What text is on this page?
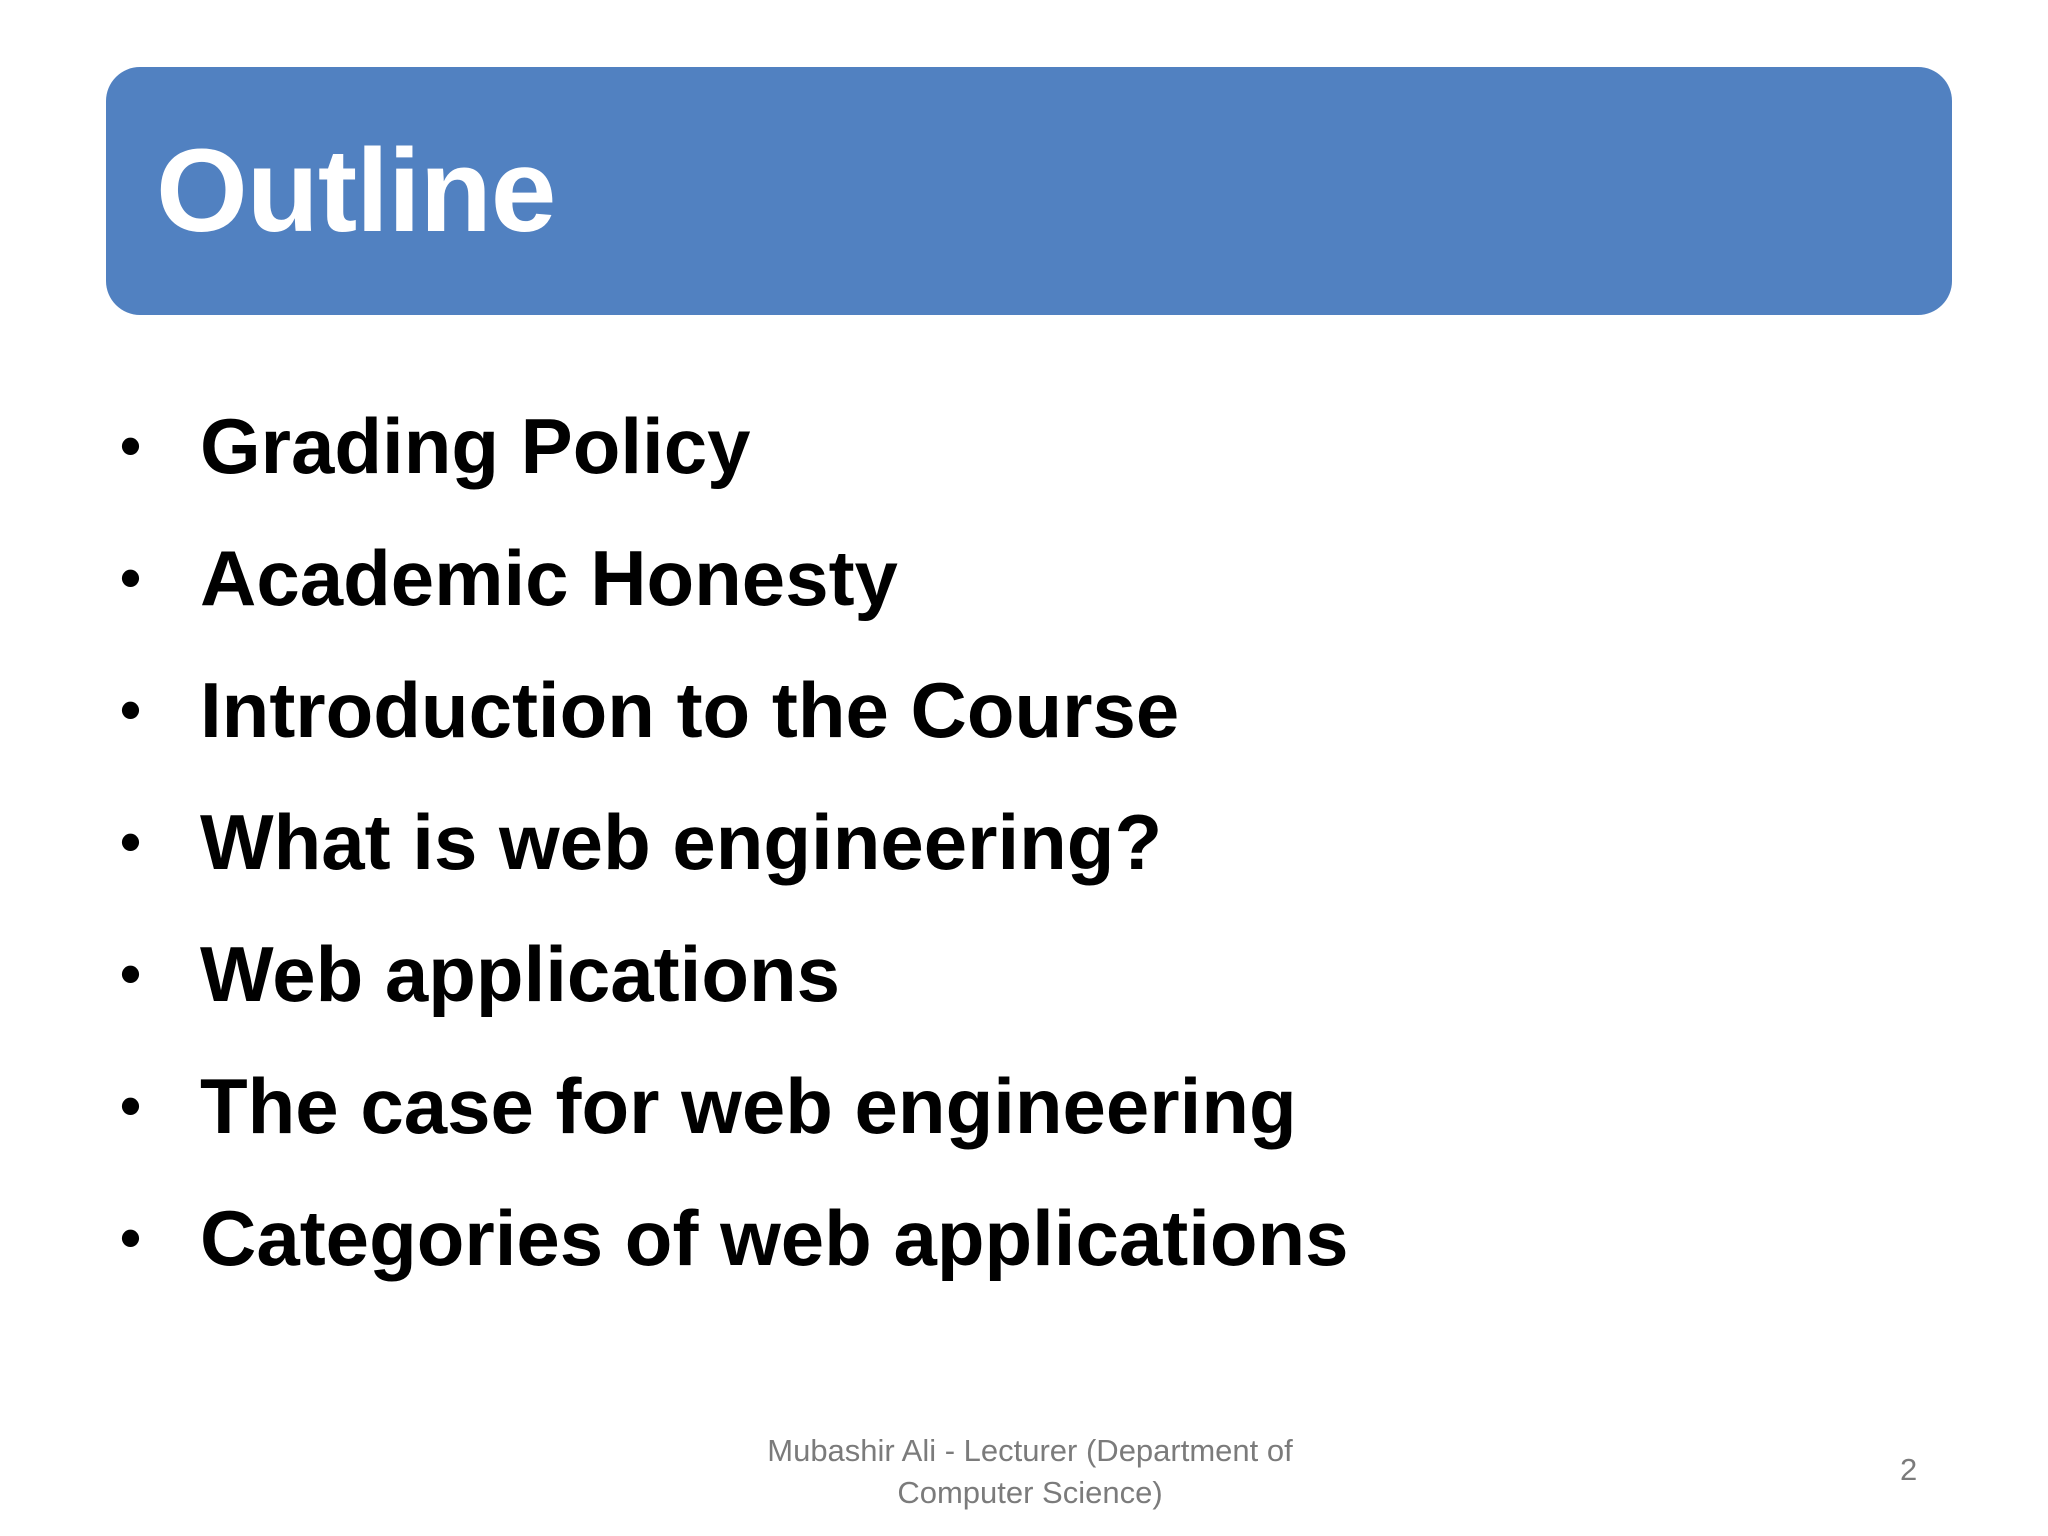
Outline
• Grading Policy
• Academic Honesty
• Introduction to the Course
• What is web engineering?
• Web applications
• The case for web engineering
• Categories of web applications
Mubashir Ali - Lecturer (Department of
Computer Science)
2
